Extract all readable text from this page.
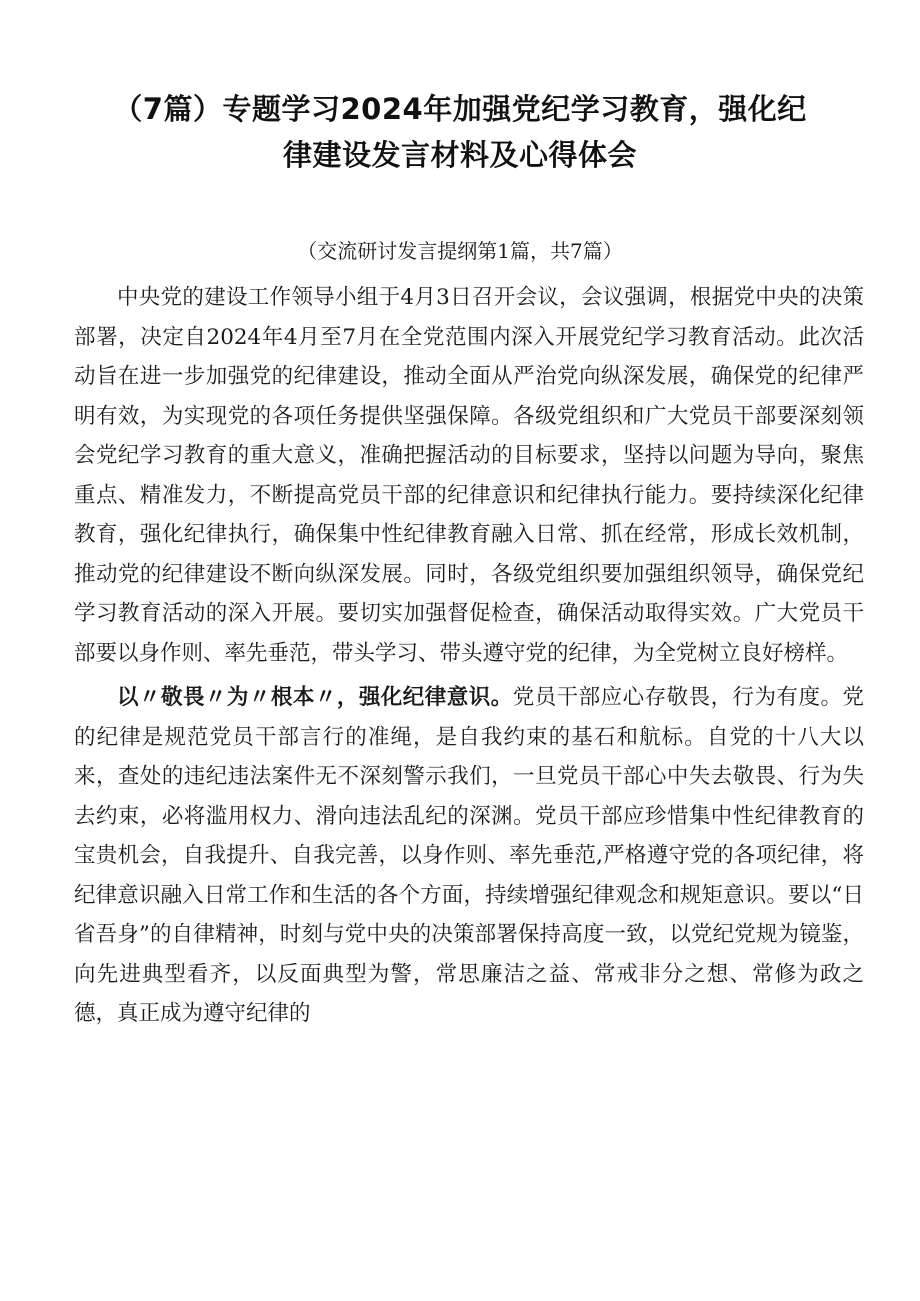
（7篇）专题学习2024年加强党纪学习教育，强化纪
律建设发言材料及心得体会
（交流研讨发言提纲第1篇，共7篇）

中央党的建设工作领导小组于4月3日召开会议，会议强调，根据党中央的决策部署，决定自2024年4月至7月在全党范围内深入开展党纪学习教育活动。此次活动旨在进一步加强党的纪律建设，推动全面从严治党向纵深发展，确保党的纪律严明有效，为实现党的各项任务提供坚强保障。各级党组织和广大党员干部要深刻领会党纪学习教育的重大意义，准确把握活动的目标要求，坚持以问题为导向，聚焦重点、精准发力，不断提高党员干部的纪律意识和纪律执行能力。要持续深化纪律教育，强化纪律执行，确保集中性纪律教育融入日常、抓在经常，形成长效机制，推动党的纪律建设不断向纵深发展。同时，各级党组织要加强组织领导，确保党纪学习教育活动的深入开展。要切实加强督促检查，确保活动取得实效。广大党员干部要以身作则、率先垂范，带头学习、带头遵守党的纪律，为全党树立良好榜样。

以〃敬畏〃为〃根本〃，强化纪律意识。党员干部应心存敬畏，行为有度。党的纪律是规范党员干部言行的准绳，是自我约束的基石和航标。自党的十八大以来，查处的违纪违法案件无不深刻警示我们，一旦党员干部心中失去敬畏、行为失去约束，必将滥用权力、滑向违法乱纪的深渊。党员干部应珍惜集中性纪律教育的宝贵机会，自我提升、自我完善，以身作则、率先垂范,严格遵守党的各项纪律，将纪律意识融入日常工作和生活的各个方面，持续增强纪律观念和规矩意识。要以“日省吾身”的自律精神，时刻与党中央的决策部署保持高度一致，以党纪党规为镜鉴，向先进典型看齐，以反面典型为警，常思廉洁之益、常戒非分之想、常修为政之德，真正成为遵守纪律的
